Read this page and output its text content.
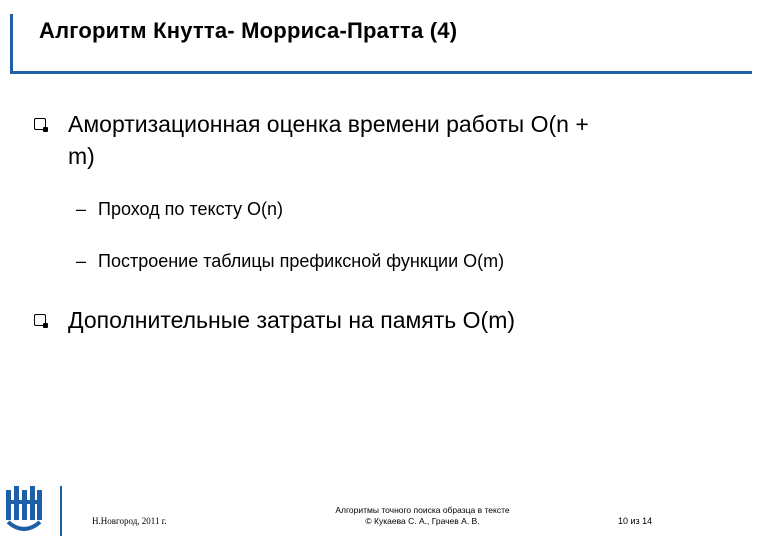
Алгоритм Кнутта- Морриса-Пратта (4)
Амортизационная оценка времени работы О(n +
m)
– Проход по тексту O(n)
– Построение таблицы префиксной функции O(m)
Дополнительные затраты на память О(m)
Н.Новгород, 2011 г.
Алгоритмы точного поиска образца в тексте
© Кукаева С. А., Грачев А. В.	10 из 14
